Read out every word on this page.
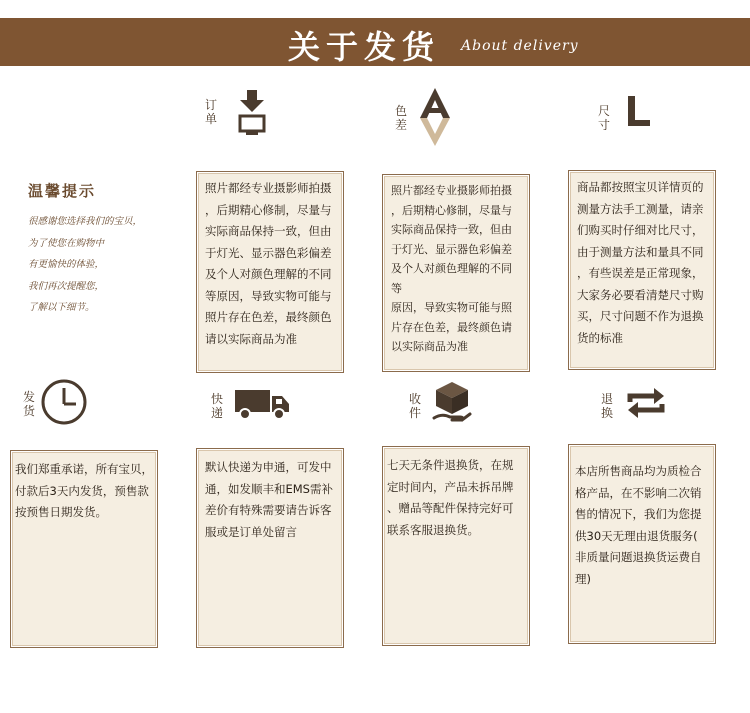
关于发货 About delivery
温馨提示
很感谢您选择我们的宝贝，
为了使您在购物中
有更愉快的体验，
我们再次提醒您，
了解以下细节。
订
单
色
差
尺
寸
发
货
快
递
收
件
退
换
照片都经专业摄影师拍摄
，后期精心修制，尽量与
实际商品保持一致，但由
于灯光、显示器色彩偏差
及个人对颜色理解的不同
等原因，导致实物可能与
照片存在色差，最终颜色
请以实际商品为准
照片都经专业摄影师拍摄
，后期精心修制，尽量与
实际商品保持一致，但由
于灯光、显示器色彩偏差
及个人对颜色理解的不同
等
原因，导致实物可能与照
片存在色差，最终颜色请
以实际商品为准
商品都按照宝贝详情页的
测量方法手工测量，请亲
们购买时仔细对比尺寸，
由于测量方法和量具不同
，有些误差是正常现象，
大家务必要看清楚尺寸购
买，尺寸问题不作为退换
货的标准
我们郑重承诺，所有宝贝，
付款后3天内发货，预售款
按预售日期发货。
默认快递为申通，可发中
通，如发顺丰和EMS需补
差价有特殊需要请告诉客
服或是订单处留言
七天无条件退换货，在规
定时间内，产品未拆吊牌
、赠品等配件保持完好可
联系客服退换货。
本店所售商品均为质检合
格产品，在不影响二次销
售的情况下，我们为您提
供30天无理由退货服务(
非质量问题退换货运费自
理)
